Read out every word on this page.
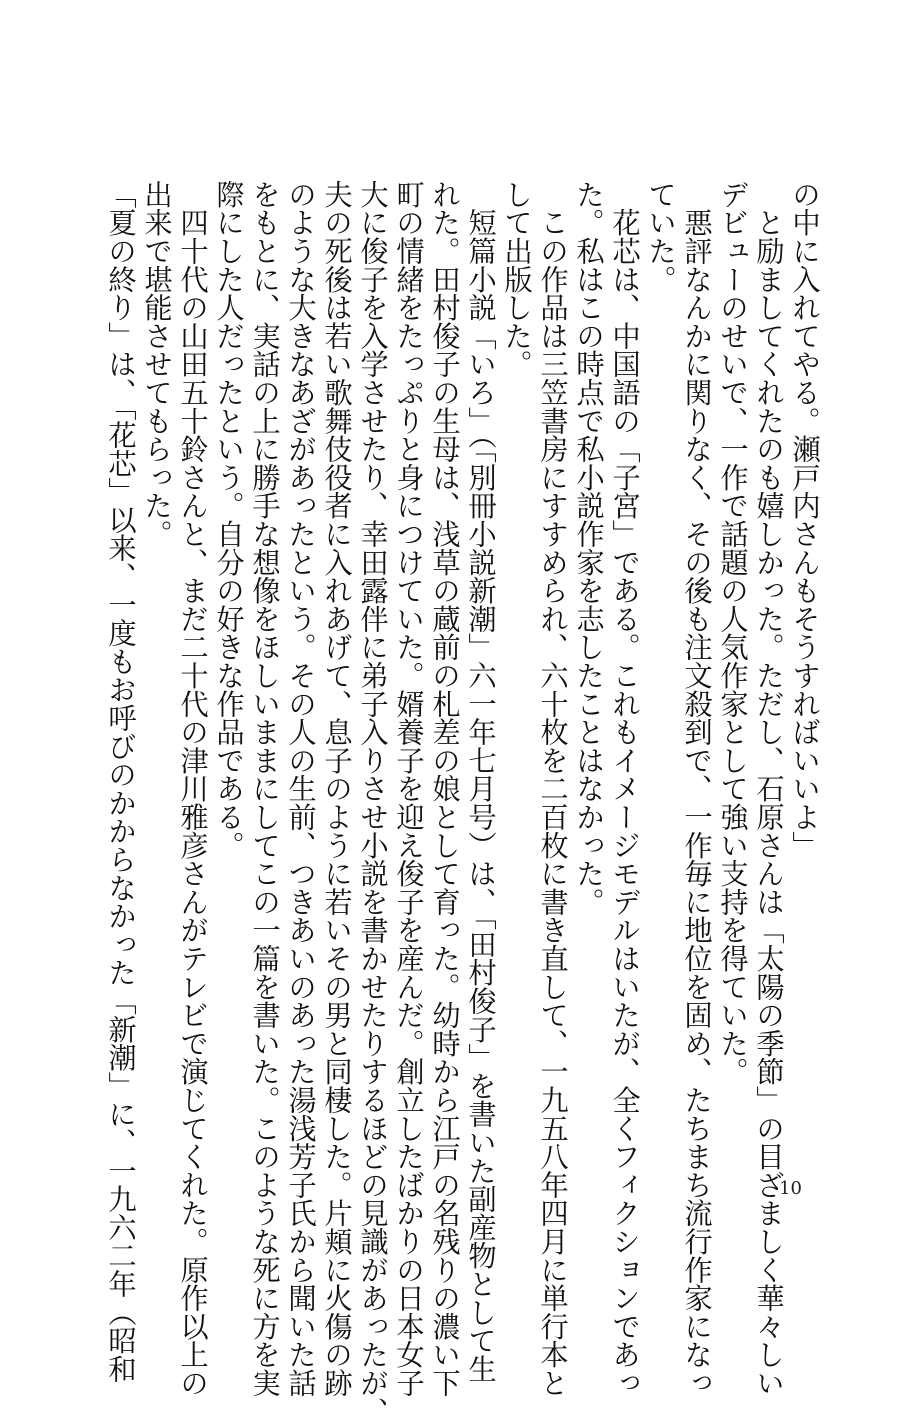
の中に入れてやる。瀬戸内さんもそうすればいいよ」
　と励ましてくれたのも嬉しかった。ただし、石原さんは「太陽の季節」の目ざましく華々しい
デビューのせいで、一作で話題の人気作家として強い支持を得ていた。
　悪評なんかに関りなく、その後も注文殺到で、一作毎に地位を固め、たちまち流行作家になっ
ていた。
　花芯は、中国語の「子宮」である。これもイメージモデルはいたが、全くフィクションであっ
た。私はこの時点で私小説作家を志したことはなかった。
　この作品は三笠書房にすすめられ、六十枚を二百枚に書き直して、一九五八年四月に単行本と
して出版した。
　短篇小説「いろ」（「別冊小説新潮」六一年七月号）は、「田村俊子」を書いた副産物として生
れた。田村俊子の生母は、浅草の蔵前の札差の娘として育った。幼時から江戸の名残りの濃い下
町の情緒をたっぷりと身につけていた。婿養子を迎え俊子を産んだ。創立したばかりの日本女子
大に俊子を入学させたり、幸田露伴に弟子入りさせ小説を書かせたりするほどの見識があったが、
夫の死後は若い歌舞伎役者に入れあげて、息子のように若いその男と同棲した。片頬に火傷の跡
のような大きなあざがあったという。その人の生前、つきあいのあった湯浅芳子氏から聞いた話
をもとに、実話の上に勝手な想像をほしいままにしてこの一篇を書いた。このような死に方を実
際にした人だったという。自分の好きな作品である。
　四十代の山田五十鈴さんと、まだ二十代の津川雅彦さんがテレビで演じてくれた。原作以上の
出来で堪能させてもらった。
「夏の終り」は、「花芯」以来、一度もお呼びのかからなかった「新潮」に、一九六二年（昭和	10
